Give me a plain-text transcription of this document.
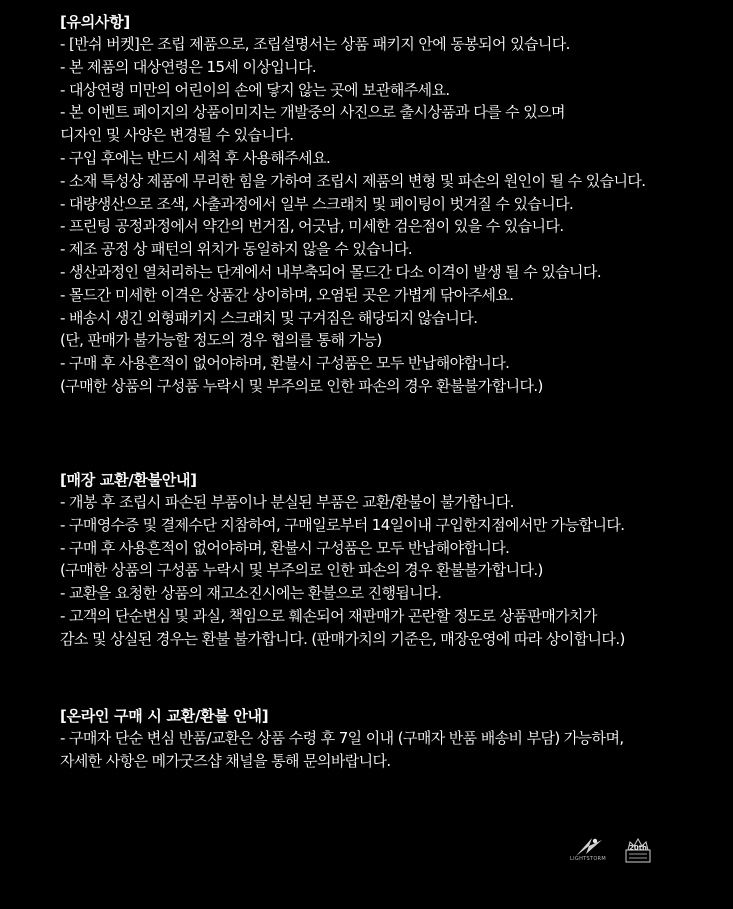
[유의사항]
- [반쉬 버켓]은 조립 제품으로, 조립설명서는 상품 패키지 안에 동봉되어 있습니다.
- 본 제품의 대상연령은 15세 이상입니다.
- 대상연령 미만의 어린이의 손에 닿지 않는 곳에 보관해주세요.
- 본 이벤트 페이지의 상품이미지는 개발중의 사진으로 출시상품과 다를 수 있으며
디자인 및 사양은 변경될 수 있습니다.
- 구입 후에는 반드시 세척 후 사용해주세요.
- 소재 특성상 제품에 무리한 힘을 가하여 조립시 제품의 변형 및 파손의 원인이 될 수 있습니다.
- 대량생산으로 조색, 사출과정에서 일부 스크래치 및 페이팅이 벗겨질 수 있습니다.
- 프린팅 공정과정에서 약간의 번거짐, 어긋남, 미세한 검은점이 있을 수 있습니다.
- 제조 공정 상 패턴의 위치가 동일하지 않을 수 있습니다.
- 생산과정인 열처리하는 단계에서 내부축되어 몰드간 다소 이격이 발생 될 수 있습니다.
- 몰드간 미세한 이격은 상품간 상이하며, 오염된 곳은 가볍게 닦아주세요.
- 배송시 생긴 외형패키지 스크래치 및 구겨짐은 해당되지 않습니다.
(단, 판매가 불가능할 정도의 경우 협의를 통해 가능)
- 구매 후 사용흔적이 없어야하며, 환불시 구성품은 모두 반납해야합니다.
(구매한 상품의 구성품 누락시 및 부주의로 인한 파손의 경우 환불불가합니다.)
[매장 교환/환불안내]
- 개봉 후 조립시 파손된 부품이나 분실된 부품은 교환/환불이 불가합니다.
- 구매영수증 및 결제수단 지참하여, 구매일로부터 14일이내 구입한지점에서만 가능합니다.
- 구매 후 사용흔적이 없어야하며, 환불시 구성품은 모두 반납해야합니다.
(구매한 상품의 구성품 누락시 및 부주의로 인한 파손의 경우 환불불가합니다.)
- 교환을 요청한 상품의 재고소진시에는 환불으로 진행됩니다.
- 고객의 단순변심 및 과실, 책임으로 훼손되어 재판매가 곤란할 정도로 상품판매가치가
감소 및 상실된 경우는 환불 불가합니다. (판매가치의 기준은, 매장운영에 따라 상이합니다.)
[온라인 구매 시 교환/환불 안내]
- 구매자 단순 변심 반품/교환은 상품 수령 후 7일 이내 (구매자 반품 배송비 부담) 가능하며,
자세한 사항은 메가굿즈샵 채널을 통해 문의바랍니다.
LIGHTSTORM
20th
